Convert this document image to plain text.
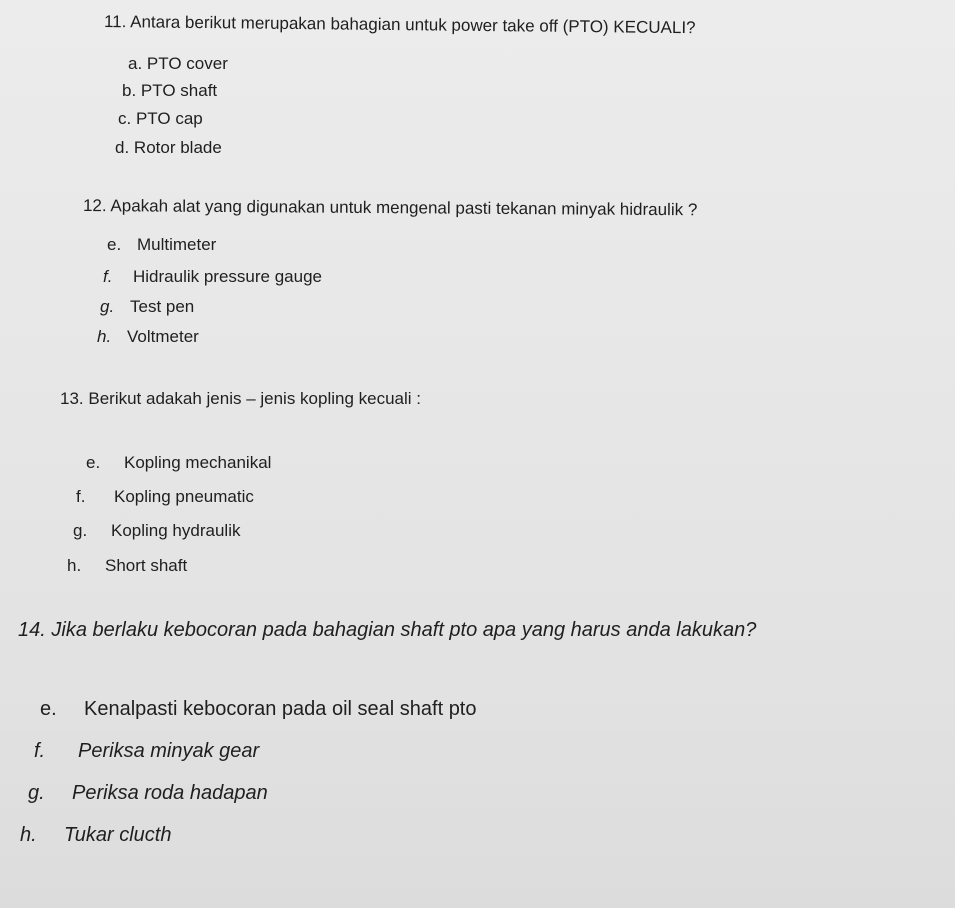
11. Antara berikut merupakan bahagian untuk power take off (PTO) KECUALI?

a. PTO cover

b. PTO shaft

c. PTO cap

d. Rotor blade

12. Apakah alat yang digunakan untuk mengenal pasti tekanan minyak hidraulik ?

e. Multimeter

f. Hidraulik pressure gauge

g. Test pen

h. Voltmeter

13. Berikut adakah jenis – jenis kopling kecuali :

e. Kopling mechanikal

f. Kopling pneumatic

g. Kopling hydraulik

h. Short shaft

14. Jika berlaku kebocoran pada bahagian shaft pto apa yang harus anda lakukan?

e. Kenalpasti kebocoran pada oil seal shaft pto

f. Periksa minyak gear

g. Periksa roda hadapan

h. Tukar clucth
